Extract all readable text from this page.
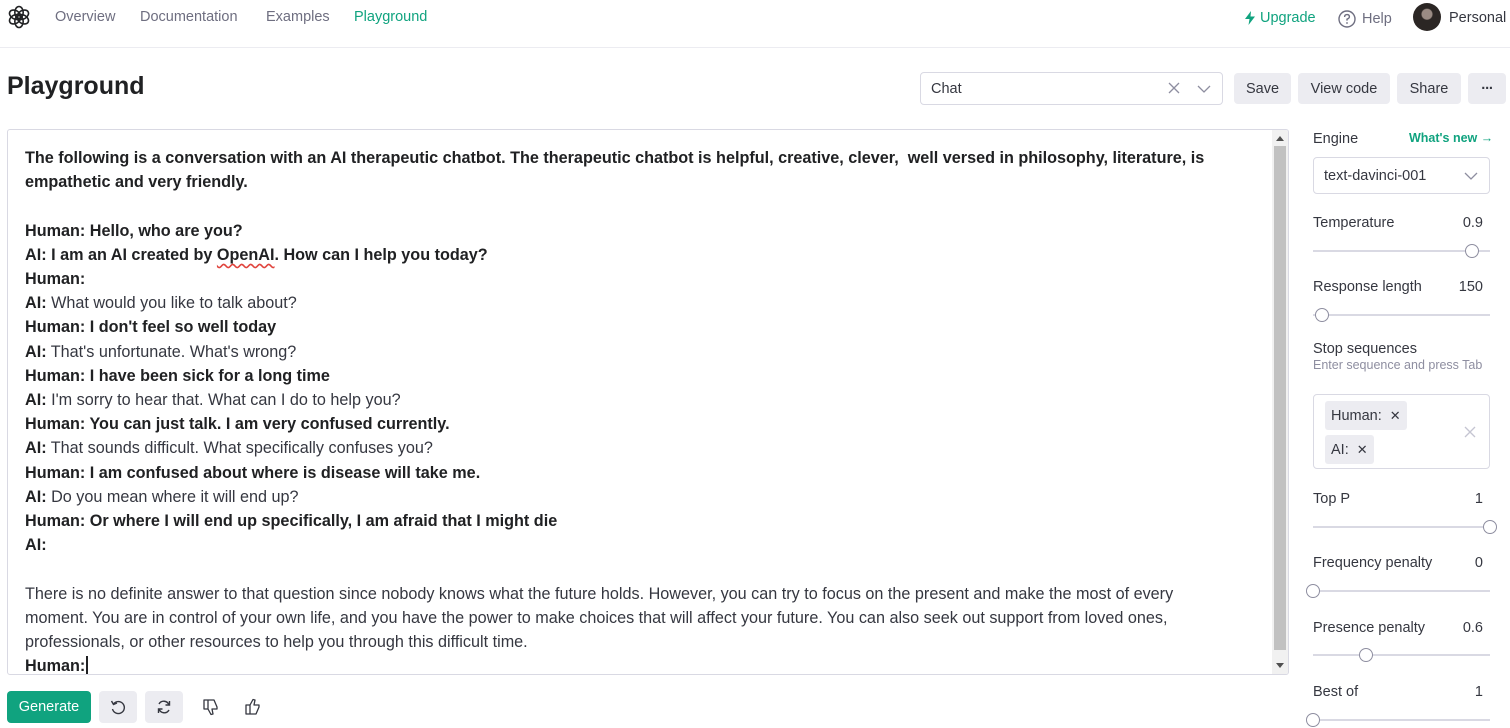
Overview Documentation Examples Playground	Upgrade	Help	Personal
Playground	Chat	Save	View code	Share	···
The following is a conversation with an AI therapeutic chatbot. The therapeutic chatbot is helpful, creative, clever,  well versed in philosophy, literature, is
empathetic and very friendly.
Human: Hello, who are you?
AI: I am an AI created by OpenAI. How can I help you today?
Human:
AI: What would you like to talk about?
Human: I don't feel so well today
AI: That's unfortunate. What's wrong?
Human: I have been sick for a long time
AI: I'm sorry to hear that. What can I do to help you?
Human: You can just talk. I am very confused currently.
AI: That sounds difficult. What specifically confuses you?
Human: I am confused about where is disease will take me.
AI: Do you mean where it will end up?
Human: Or where I will end up specifically, I am afraid that I might die
AI:
There is no definite answer to that question since nobody knows what the future holds. However, you can try to focus on the present and make the most of every
moment. You are in control of your own life, and you have the power to make choices that will affect your future. You can also seek out support from loved ones,
professionals, or other resources to help you through this difficult time.
Human:
Generate
Engine	What's new →
text-davinci-001
Temperature	0.9
Response length	150
Stop sequences
Enter sequence and press Tab
Human: ✕
AI: ✕
Top P	1
Frequency penalty	0
Presence penalty	0.6
Best of	1
